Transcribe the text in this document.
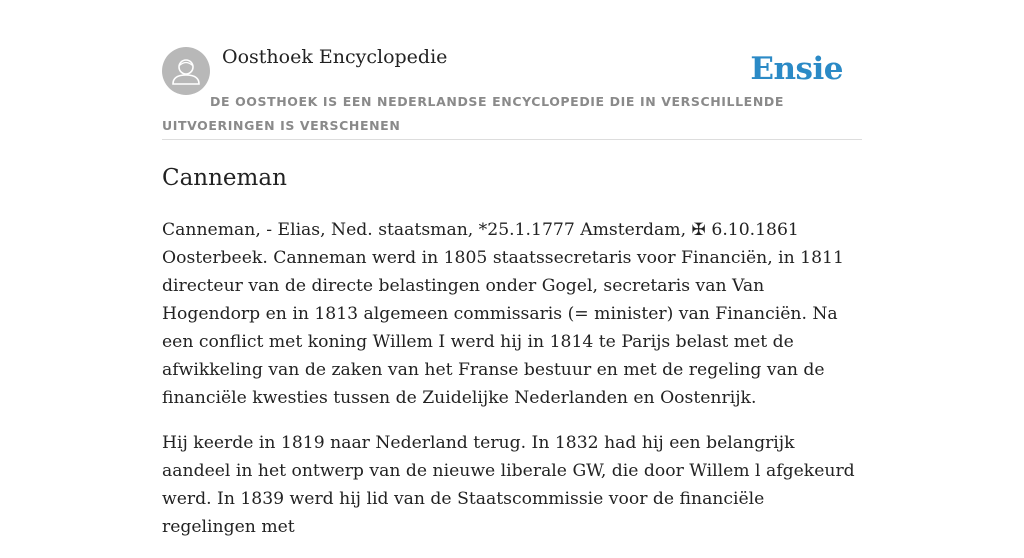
Oosthoek Encyclopedie	Ensie
DE OOSTHOEK IS EEN NEDERLANDSE ENCYCLOPEDIE DIE IN VERSCHILLENDE UITVOERINGEN IS VERSCHENEN
Canneman

Canneman, - Elias, Ned. staatsman, *25.1.1777 Amsterdam, ✠ 6.10.1861 Oosterbeek. Canneman werd in 1805 staatssecretaris voor Financiën, in 1811 directeur van de directe belastingen onder Gogel, secretaris van Van Hogendorp en in 1813 algemeen commissaris (= minister) van Financiën. Na een conflict met koning Willem I werd hij in 1814 te Parijs belast met de afwikkeling van de zaken van het Franse bestuur en met de regeling van de financiële kwesties tussen de Zuidelijke Nederlanden en Oostenrijk.

Hij keerde in 1819 naar Nederland terug. In 1832 had hij een belangrijk aandeel in het ontwerp van de nieuwe liberale GW, die door Willem l afgekeurd werd. In 1839 werd hij lid van de Staatscommissie voor de financiële regelingen met
